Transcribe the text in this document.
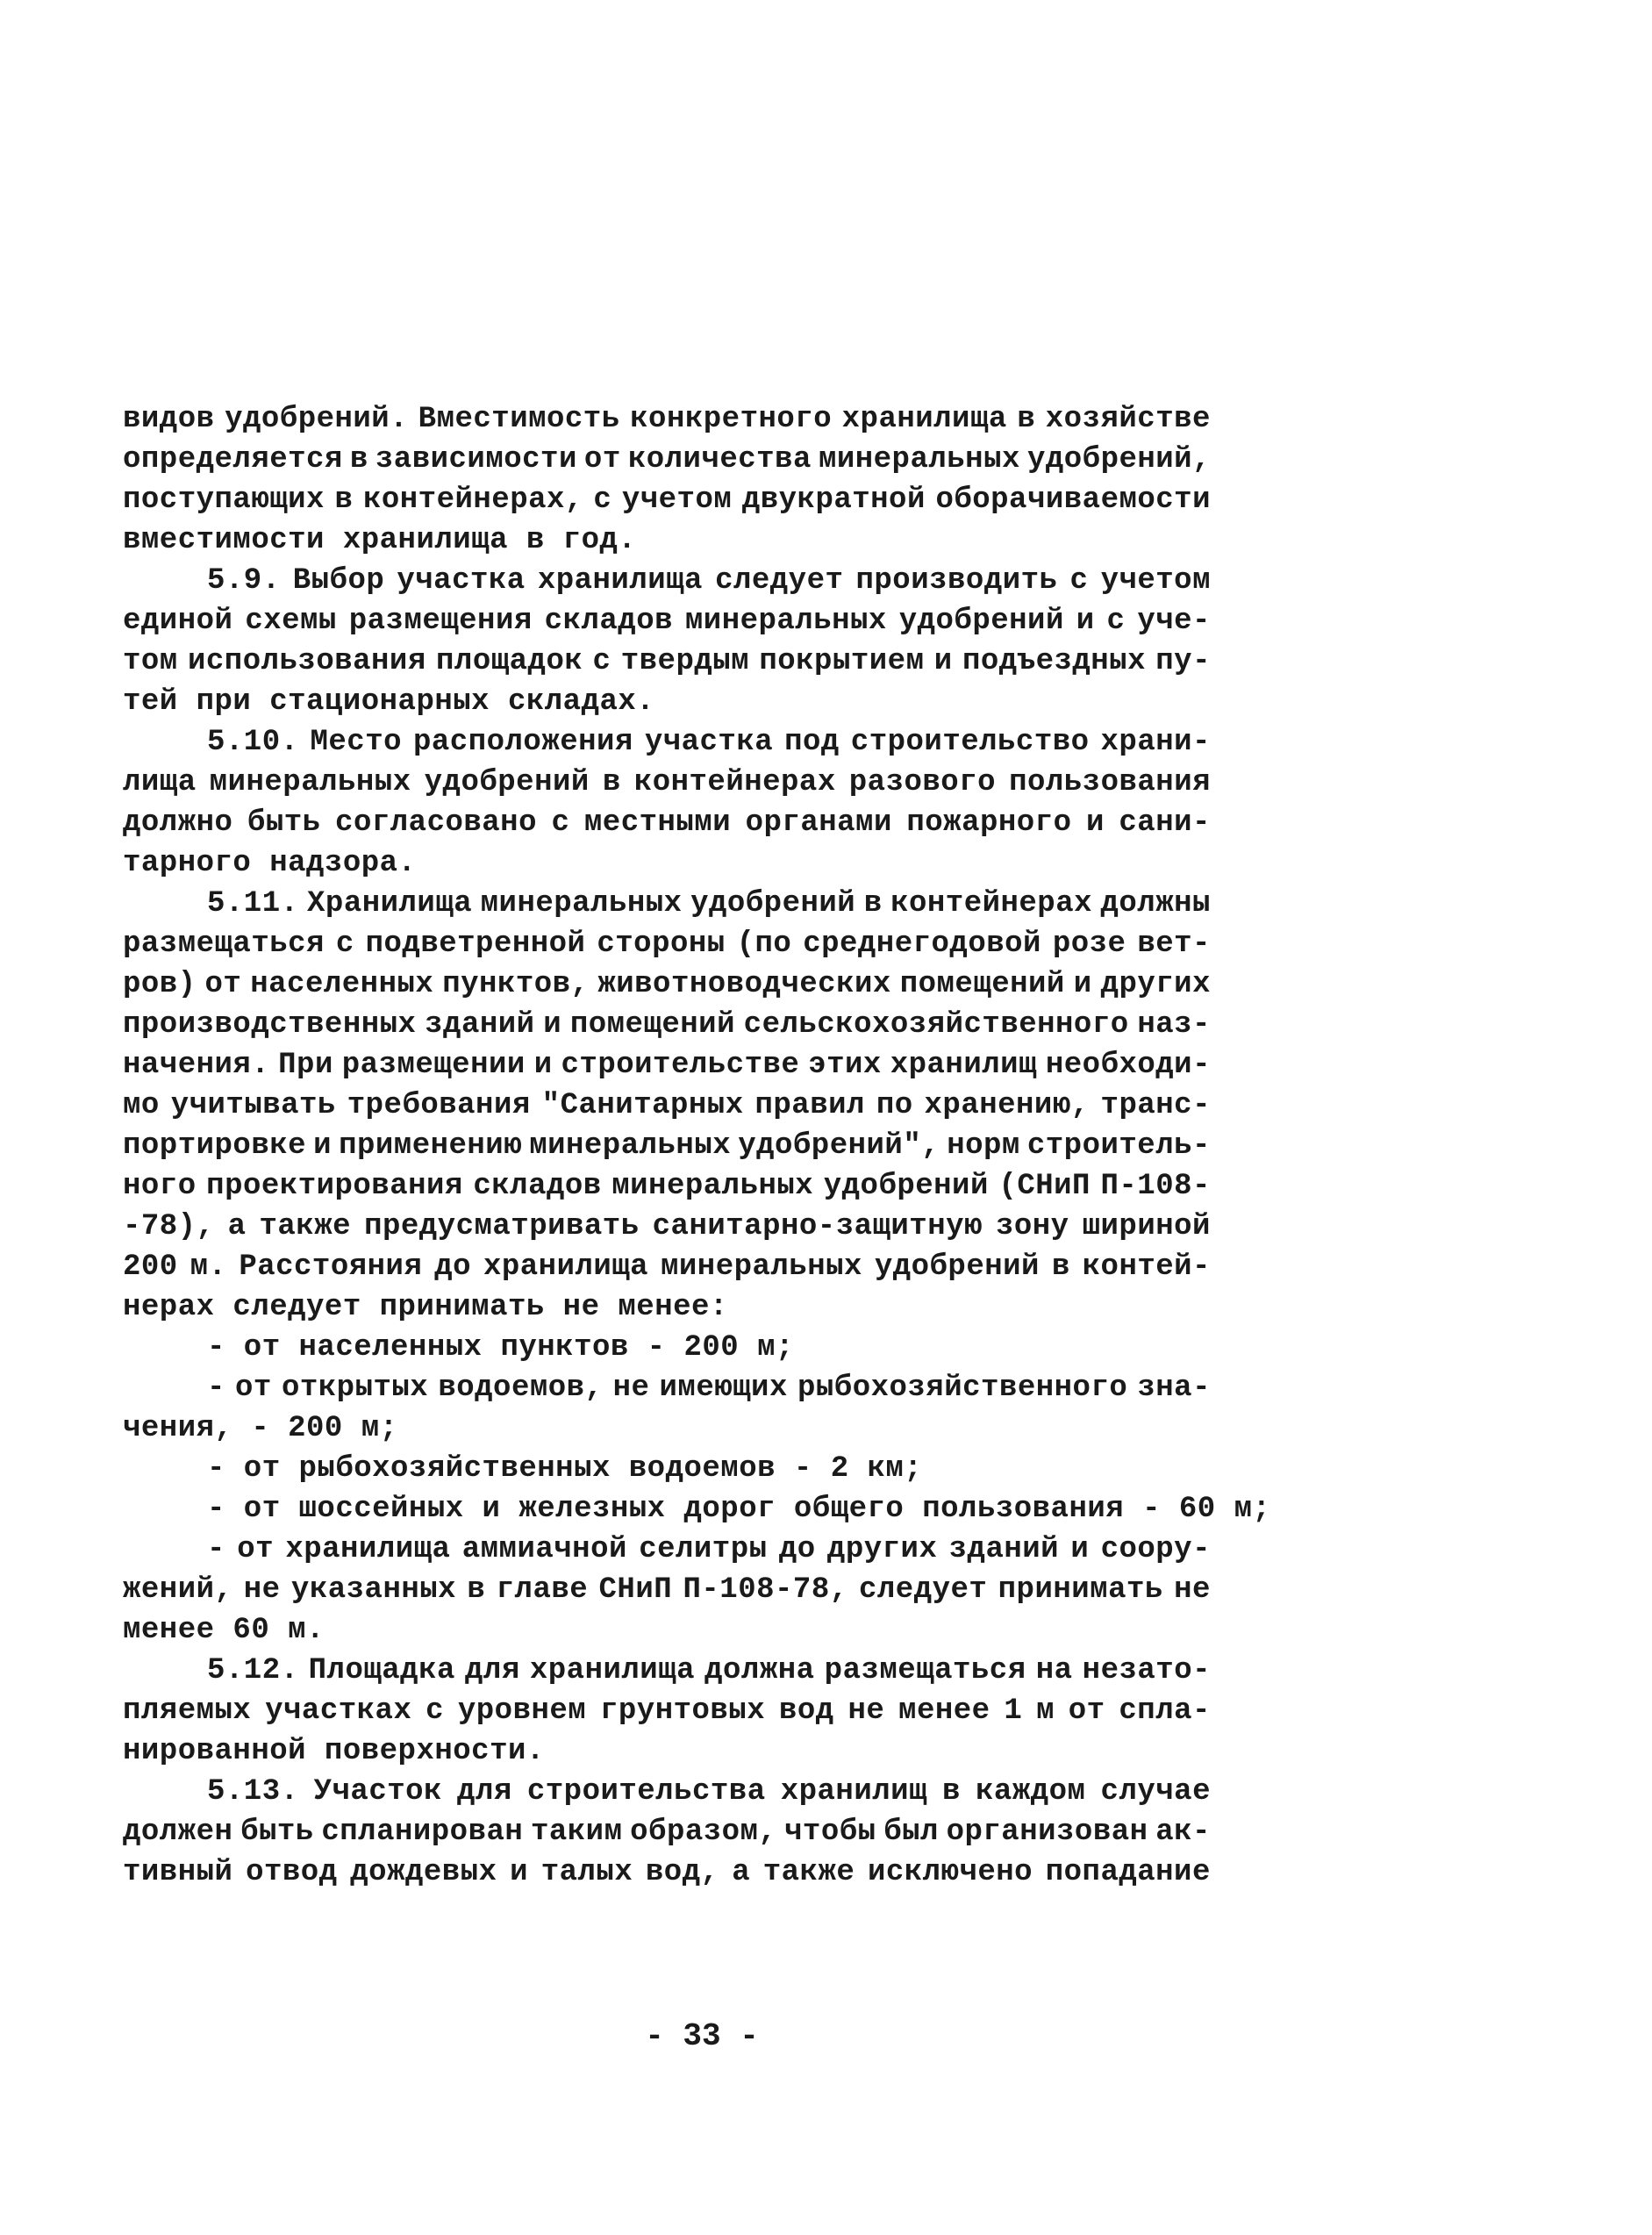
видов удобрений. Вместимость конкретного хранилища в хозяйстве
определяется в зависимости от количества минеральных удобрений,
поступающих в контейнерах, с учетом двукратной оборачиваемости
вместимости хранилища в год.
5.9. Выбор участка хранилища следует производить с учетом
единой схемы размещения складов минеральных удобрений и с уче-
том использования площадок с твердым покрытием и подъездных пу-
тей при стационарных складах.
5.10. Место расположения участка под строительство храни-
лища минеральных удобрений в контейнерах разового пользования
должно быть согласовано с местными органами пожарного и сани-
тарного надзора.
5.11. Хранилища минеральных удобрений в контейнерах должны
размещаться с подветренной стороны (по среднегодовой розе вет-
ров) от населенных пунктов, животноводческих помещений и других
производственных зданий и помещений сельскохозяйственного наз-
начения. При размещении и строительстве этих хранилищ необходи-
мо учитывать требования "Санитарных правил по хранению, транс-
портировке и применению минеральных удобрений", норм строитель-
ного проектирования складов минеральных удобрений (СНиП П-108-
-78), а также предусматривать санитарно-защитную зону шириной
200 м. Расстояния до хранилища минеральных удобрений в контей-
нерах следует принимать не менее:
- от населенных пунктов - 200 м;
- от открытых водоемов, не имеющих рыбохозяйственного зна-
чения, - 200 м;
- от рыбохозяйственных водоемов - 2 км;
- от шоссейных и железных дорог общего пользования - 60 м;
- от хранилища аммиачной селитры до других зданий и соору-
жений, не указанных в главе СНиП П-108-78, следует принимать не
менее 60 м.
5.12. Площадка для хранилища должна размещаться на незато-
пляемых участках с уровнем грунтовых вод не менее 1 м от спла-
нированной поверхности.
5.13. Участок для строительства хранилищ в каждом случае
должен быть спланирован таким образом, чтобы был организован ак-
тивный отвод дождевых и талых вод, а также исключено попадание
- 33 -
